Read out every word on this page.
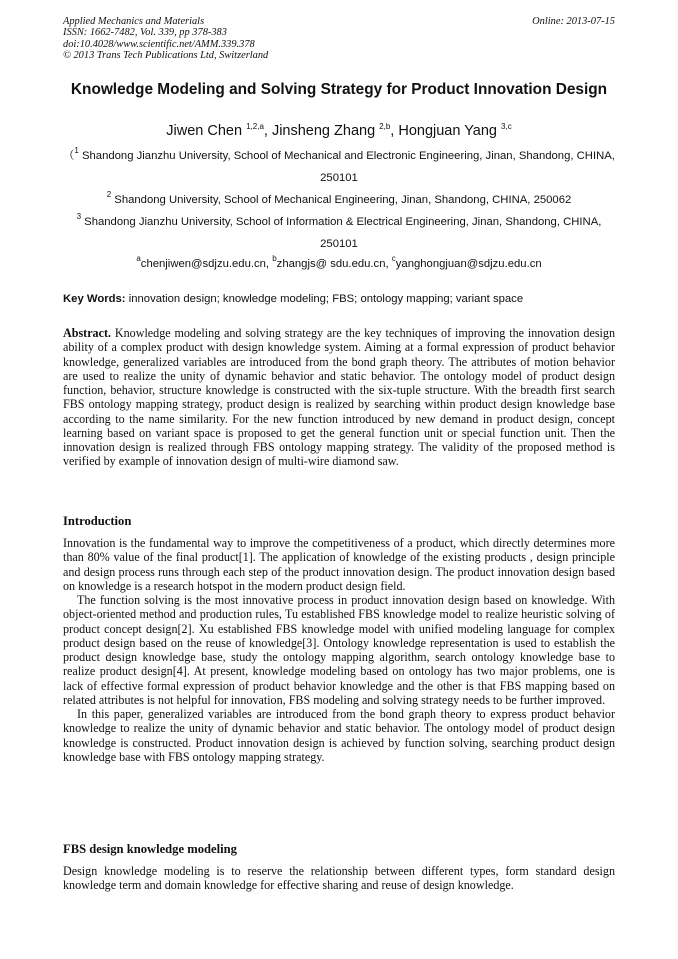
Applied Mechanics and Materials
ISSN: 1662-7482, Vol. 339, pp 378-383
doi:10.4028/www.scientific.net/AMM.339.378
© 2013 Trans Tech Publications Ltd, Switzerland
Online: 2013-07-15
Knowledge Modeling and Solving Strategy for Product Innovation Design
Jiwen Chen $^{1,2,a}$, Jinsheng Zhang $^{2,b}$, Hongjuan Yang $^{3,c}$
（$^1$ Shandong Jianzhu University, School of Mechanical and Electronic Engineering, Jinan, Shandong, CHINA, 250101
$^2$ Shandong University, School of Mechanical Engineering, Jinan, Shandong, CHINA, 250062
$^3$ Shandong Jianzhu University, School of Information & Electrical Engineering, Jinan, Shandong, CHINA, 250101
$^a$chenjiwen@sdjzu.edu.cn, $^b$zhangjs@ sdu.edu.cn, $^c$yanghongjuan@sdjzu.edu.cn
Key Words: innovation design; knowledge modeling; FBS; ontology mapping; variant space

Abstract. Knowledge modeling and solving strategy are the key techniques of improving the innovation design ability of a complex product with design knowledge system. Aiming at a formal expression of product behavior knowledge, generalized variables are introduced from the bond graph theory. The attributes of motion behavior are used to realize the unity of dynamic behavior and static behavior. The ontology model of product design function, behavior, structure knowledge is constructed with the six-tuple structure. With the breadth first search FBS ontology mapping strategy, product design is realized by searching within product design knowledge base according to the name similarity. For the new function introduced by new demand in product design, concept learning based on variant space is proposed to get the general function unit or special function unit. Then the innovation design is realized through FBS ontology mapping strategy. The validity of the proposed method is verified by example of innovation design of multi-wire diamond saw.

Introduction

Innovation is the fundamental way to improve the competitiveness of a product, which directly determines more than 80% value of the final product[1]. The application of knowledge of the existing products , design principle and design process runs through each step of the product innovation design. The product innovation design based on knowledge is a research hotspot in the modern product design field.

The function solving is the most innovative process in product innovation design based on knowledge. With object-oriented method and production rules, Tu established FBS knowledge model to realize heuristic solving of product concept design[2]. Xu established FBS knowledge model with unified modeling language for complex product design based on the reuse of knowledge[3]. Ontology knowledge representation is used to establish the product design knowledge base, study the ontology mapping algorithm, search ontology knowledge base to realize product design[4]. At present, knowledge modeling based on ontology has two major problems, one is lack of effective formal expression of product behavior knowledge and the other is that FBS mapping based on related attributes is not helpful for innovation, FBS modeling and solving strategy needs to be further improved.

In this paper, generalized variables are introduced from the bond graph theory to express product behavior knowledge to realize the unity of dynamic behavior and static behavior. The ontology model of product design knowledge is constructed. Product innovation design is achieved by function solving, searching product design knowledge base with FBS ontology mapping strategy.

FBS design knowledge modeling

Design knowledge modeling is to reserve the relationship between different types, form standard design knowledge term and domain knowledge for effective sharing and reuse of design knowledge.
